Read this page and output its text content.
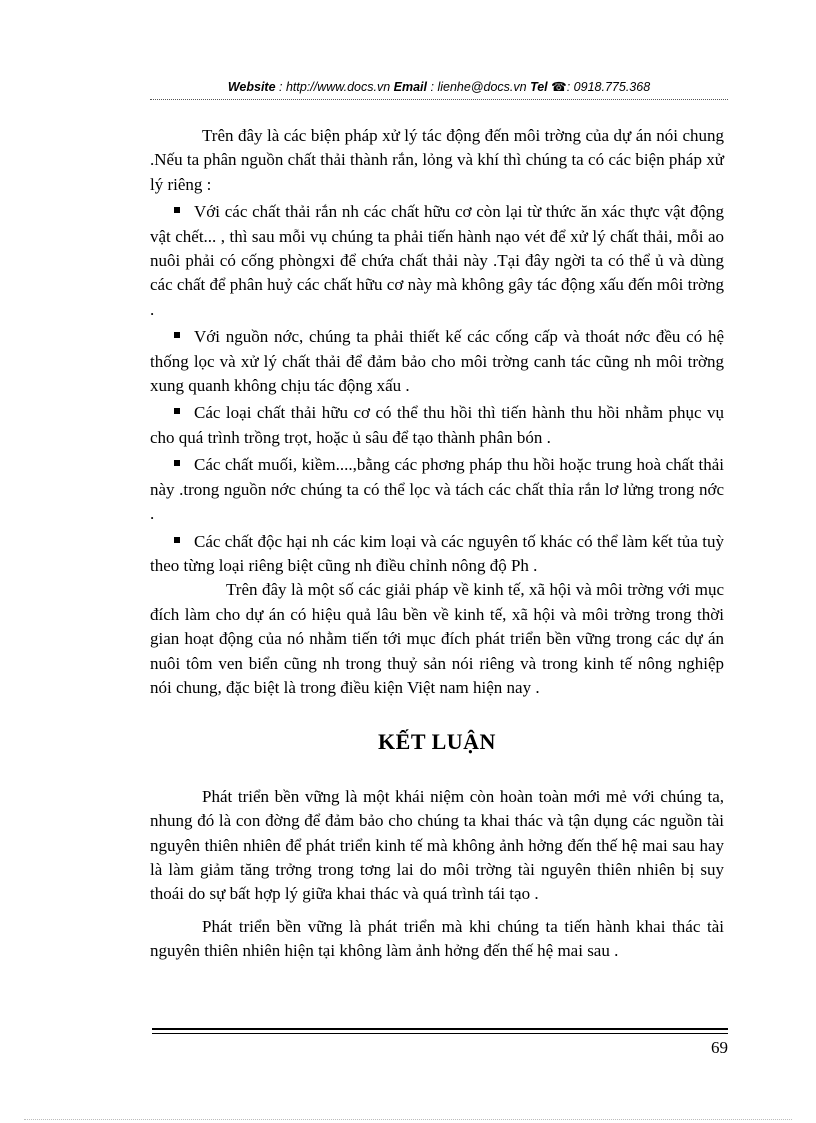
Website : http://www.docs.vn Email : lienhe@docs.vn Tel ☎: 0918.775.368

Trên đây là các biện pháp xử lý tác động đến môi trờng của dự án nói chung .Nếu ta phân nguồn chất thải thành rắn, lỏng và khí thì chúng ta có các biện pháp xử lý riêng :

Với các chất thải rắn nh các chất hữu cơ còn lại từ thức ăn xác thực vật động vật chết... , thì sau mỗi vụ chúng ta phải tiến hành nạo vét để xử lý chất thải, mỗi ao nuôi phải có cống phòngxi để chứa chất thải này .Tại đây ngời ta có thể ủ và dùng các chất để phân huỷ các chất hữu cơ này mà không gây tác động xấu đến môi trờng .

Với nguồn nớc, chúng ta phải thiết kế các cống cấp và thoát nớc đều có hệ thống lọc và xử lý chất thải để đảm bảo cho môi trờng canh tác cũng nh môi trờng xung quanh không chịu tác động xấu .

Các loại chất thải hữu cơ có thể thu hồi thì tiến hành thu hồi nhằm phục vụ cho quá trình trồng trọt, hoặc ủ sâu để tạo thành phân bón .

Các chất muối, kiềm....,bằng các phơng pháp thu hồi hoặc trung hoà chất thải này .trong nguồn nớc chúng ta có thể lọc và tách các chất thỉa rắn lơ lửng trong nớc .

Các chất độc hại nh các kim loại và các nguyên tố khác có thể làm kết tủa tuỳ theo từng loại riêng biệt cũng nh điều chỉnh nông độ Ph .

Trên đây là một số các giải pháp về kinh tế, xã hội và môi trờng với mục đích làm cho dự án có hiệu quả lâu bền về kinh tế, xã hội và môi trờng trong thời gian hoạt động của nó nhằm tiến tới mục đích phát triển bền vững trong các dự án nuôi tôm ven biển cũng nh trong thuỷ sản nói riêng và trong kinh tế nông nghiệp nói chung, đặc biệt là trong điều kiện Việt nam hiện nay .

KẾT LUẬN

Phát triển bền vững là một khái niệm còn hoàn toàn mới mẻ với chúng ta, nhung đó là con đờng để đảm bảo cho chúng ta khai thác và tận dụng các nguồn tài nguyên thiên nhiên để phát triển kinh tế mà không ảnh hởng đến thế hệ mai sau hay là làm giảm tăng trởng trong tơng lai do môi trờng tài nguyên thiên nhiên bị suy thoái do sự bất hợp lý giữa khai thác và quá trình tái tạo .

Phát triển bền vững là phát triển mà khi chúng ta tiến hành khai thác tài nguyên thiên nhiên hiện tại không làm ảnh hởng đến thế hệ mai sau .

69
